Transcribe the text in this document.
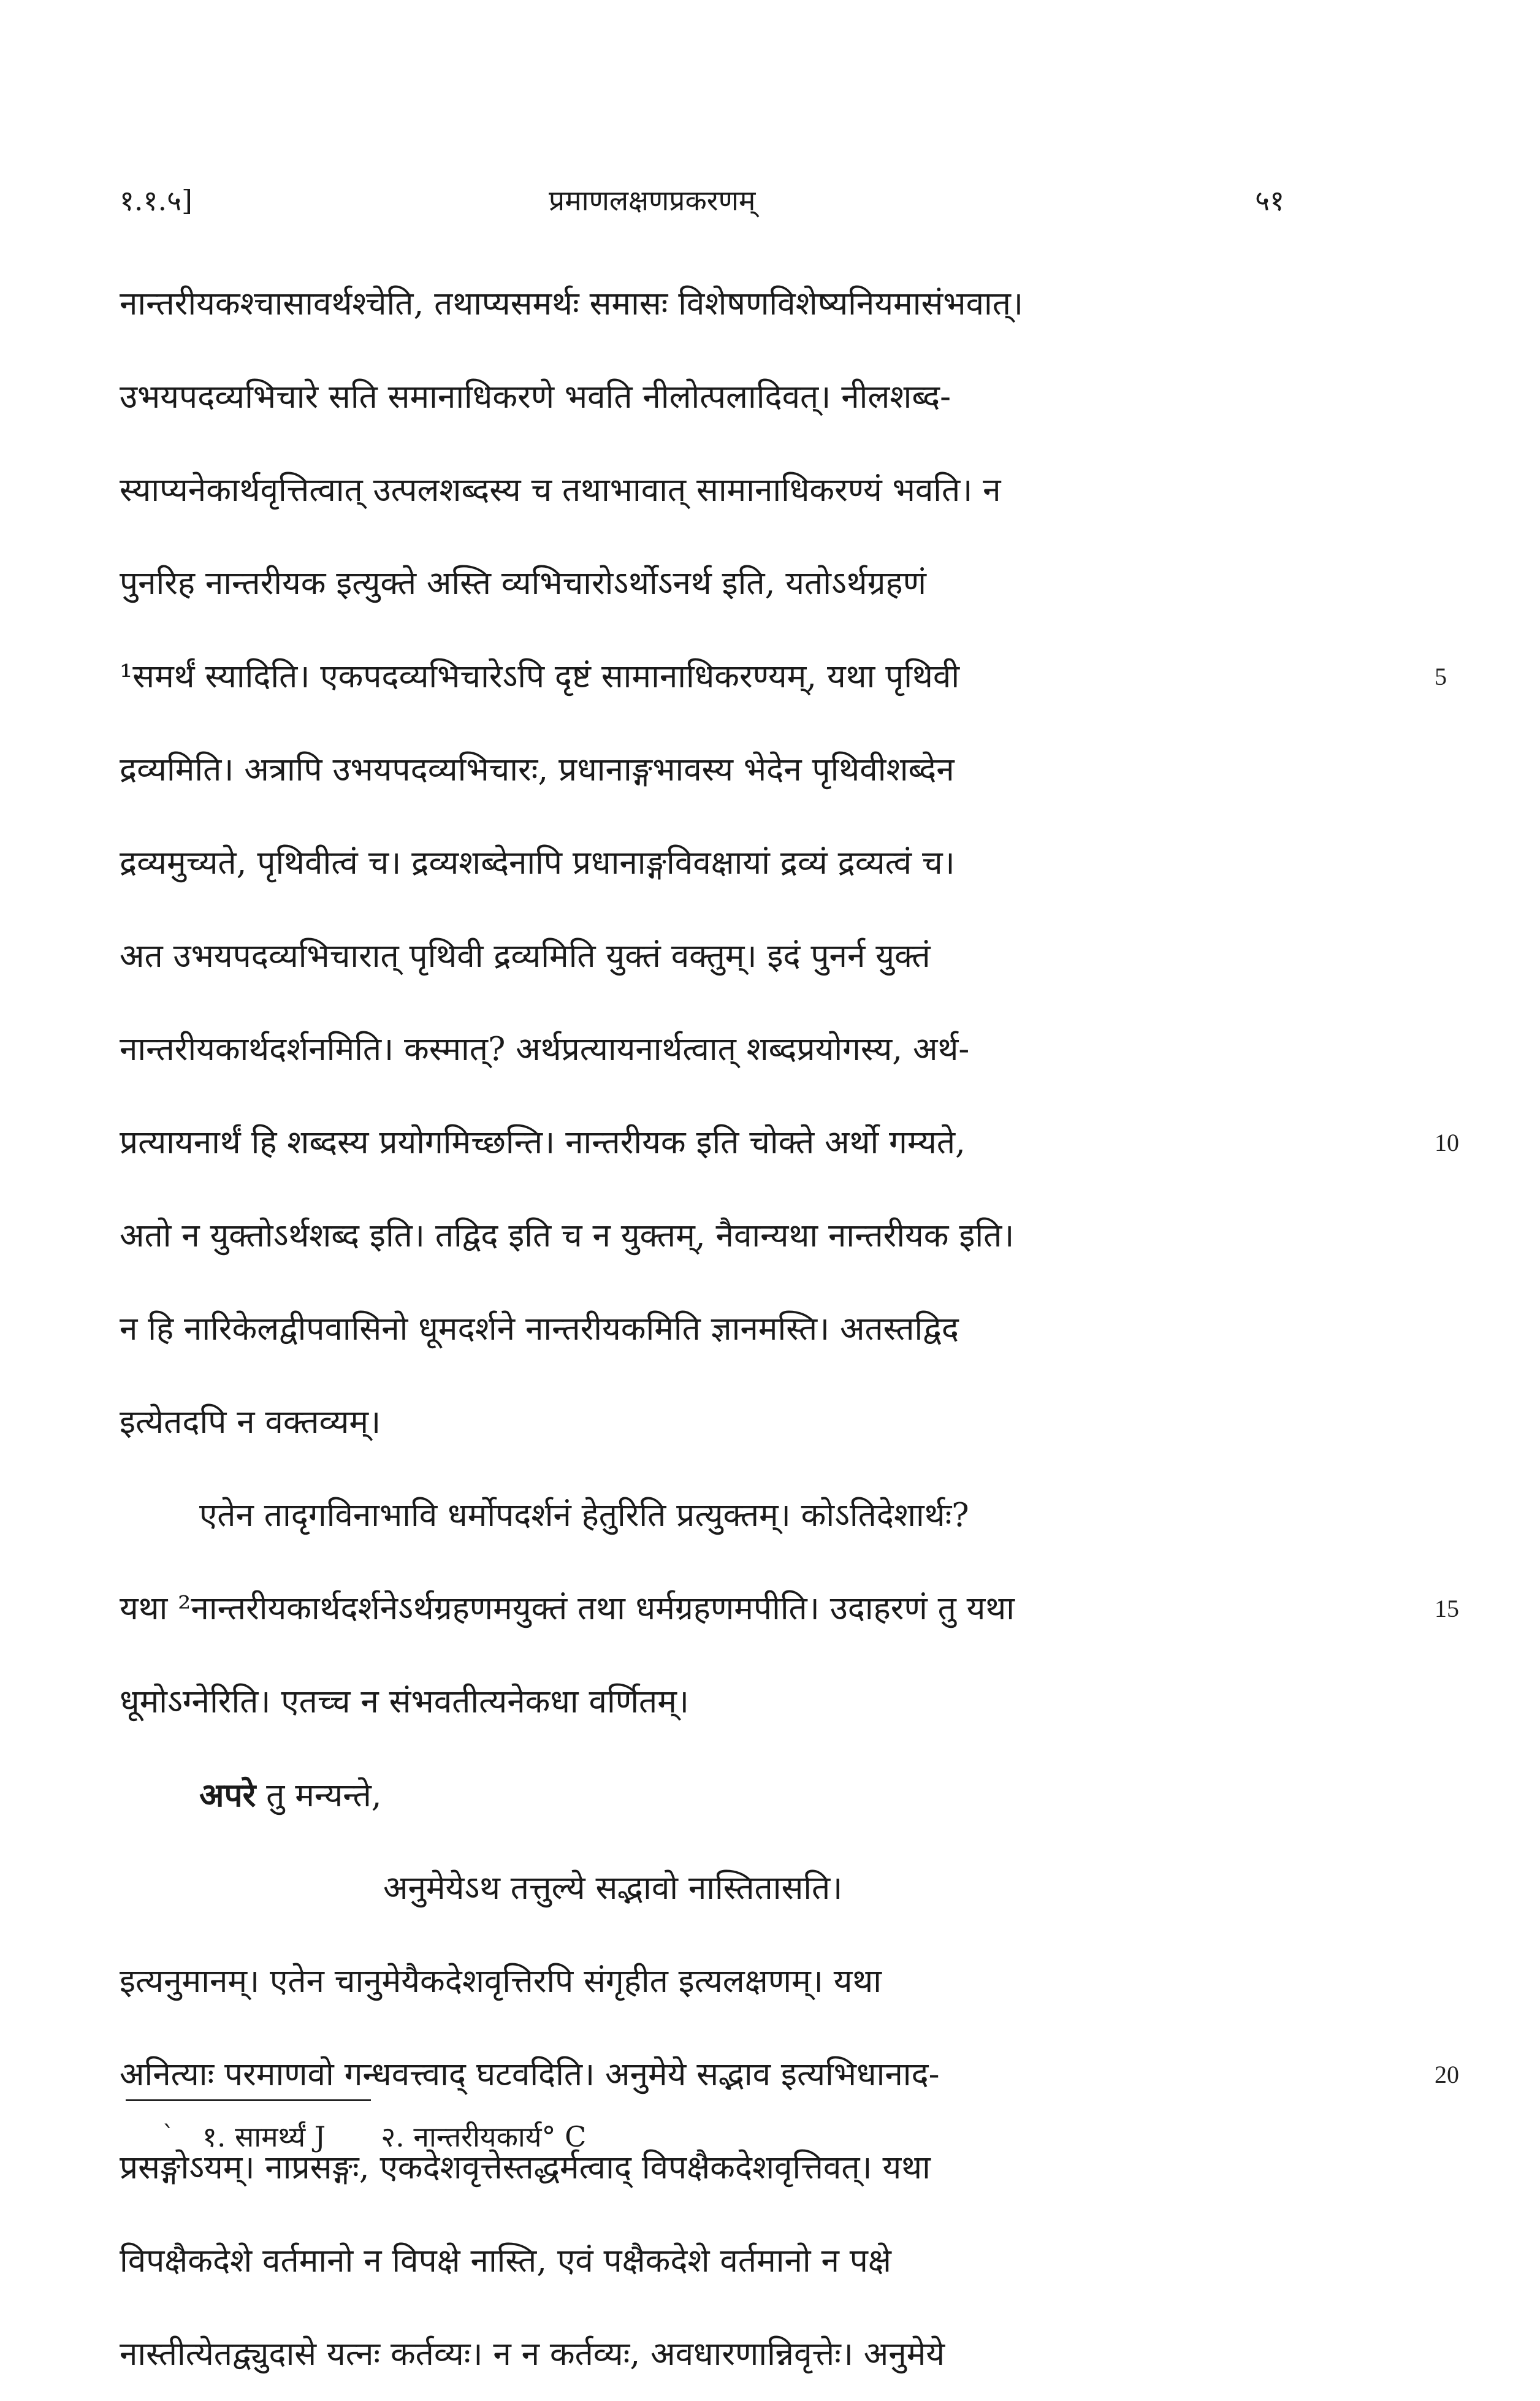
१.१.५]	प्रमाणलक्षणप्रकरणम्	५१
नान्तरीयकश्चासावर्थश्चेति, तथाप्यसमर्थः समासः विशेषणविशेष्यनियमासंभवात्।
उभयपदव्यभिचारे सति समानाधिकरणे भवति नीलोत्पलादिवत्। नीलशब्द-
स्याप्यनेकार्थवृत्तित्वात् उत्पलशब्दस्य च तथाभावात् सामानाधिकरण्यं भवति। न
पुनरिह नान्तरीयक इत्युक्ते अस्ति व्यभिचारोऽर्थोऽनर्थ इति, यतोऽर्थग्रहणं
¹समर्थं स्यादिति। एकपदव्यभिचारेऽपि दृष्टं सामानाधिकरण्यम्, यथा पृथिवी	5
द्रव्यमिति। अत्रापि उभयपदव्यभिचारः, प्रधानाङ्गभावस्य भेदेन पृथिवीशब्देन
द्रव्यमुच्यते, पृथिवीत्वं च। द्रव्यशब्देनापि प्रधानाङ्गविवक्षायां द्रव्यं द्रव्यत्वं च।
अत उभयपदव्यभिचारात् पृथिवी द्रव्यमिति युक्तं वक्तुम्। इदं पुनर्न युक्तं
नान्तरीयकार्थदर्शनमिति। कस्मात्? अर्थप्रत्यायनार्थत्वात् शब्दप्रयोगस्य, अर्थ-
प्रत्यायनार्थं हि शब्दस्य प्रयोगमिच्छन्ति। नान्तरीयक इति चोक्ते अर्थो गम्यते,	10
अतो न युक्तोऽर्थशब्द इति। तद्विद इति च न युक्तम्, नैवान्यथा नान्तरीयक इति।
न हि नारिकेलद्वीपवासिनो धूमदर्शने नान्तरीयकमिति ज्ञानमस्ति। अतस्तद्विद
इत्येतदपि न वक्तव्यम्।
एतेन तादृगविनाभावि धर्मोपदर्शनं हेतुरिति प्रत्युक्तम्। कोऽतिदेशार्थः?
यथा ²नान्तरीयकार्थदर्शनेऽर्थग्रहणमयुक्तं तथा धर्मग्रहणमपीति। उदाहरणं तु यथा	15
धूमोऽग्नेरिति। एतच्च न संभवतीत्यनेकधा वर्णितम्।
अपरे तु मन्यन्ते,
अनुमेयेऽथ तत्तुल्ये सद्भावो नास्तितासति।
इत्यनुमानम्। एतेन चानुमेयैकदेशवृत्तिरपि संगृहीत इत्यलक्षणम्। यथा
अनित्याः परमाणवो गन्धवत्त्वाद् घटवदिति। अनुमेये सद्भाव इत्यभिधानाद-	20
प्रसङ्गोऽयम्। नाप्रसङ्गः, एकदेशवृत्तेस्तद्धर्मत्वाद् विपक्षैकदेशवृत्तिवत्। यथा
विपक्षैकदेशे वर्तमानो न विपक्षे नास्ति, एवं पक्षैकदेशे वर्तमानो न पक्षे
नास्तीत्येतद्व्युदासे यत्नः कर्तव्यः। न न कर्तव्यः, अवधारणान्निवृत्तेः। अनुमेये
` १. सामर्थ्यं J २. नान्तरीयकार्य° C
